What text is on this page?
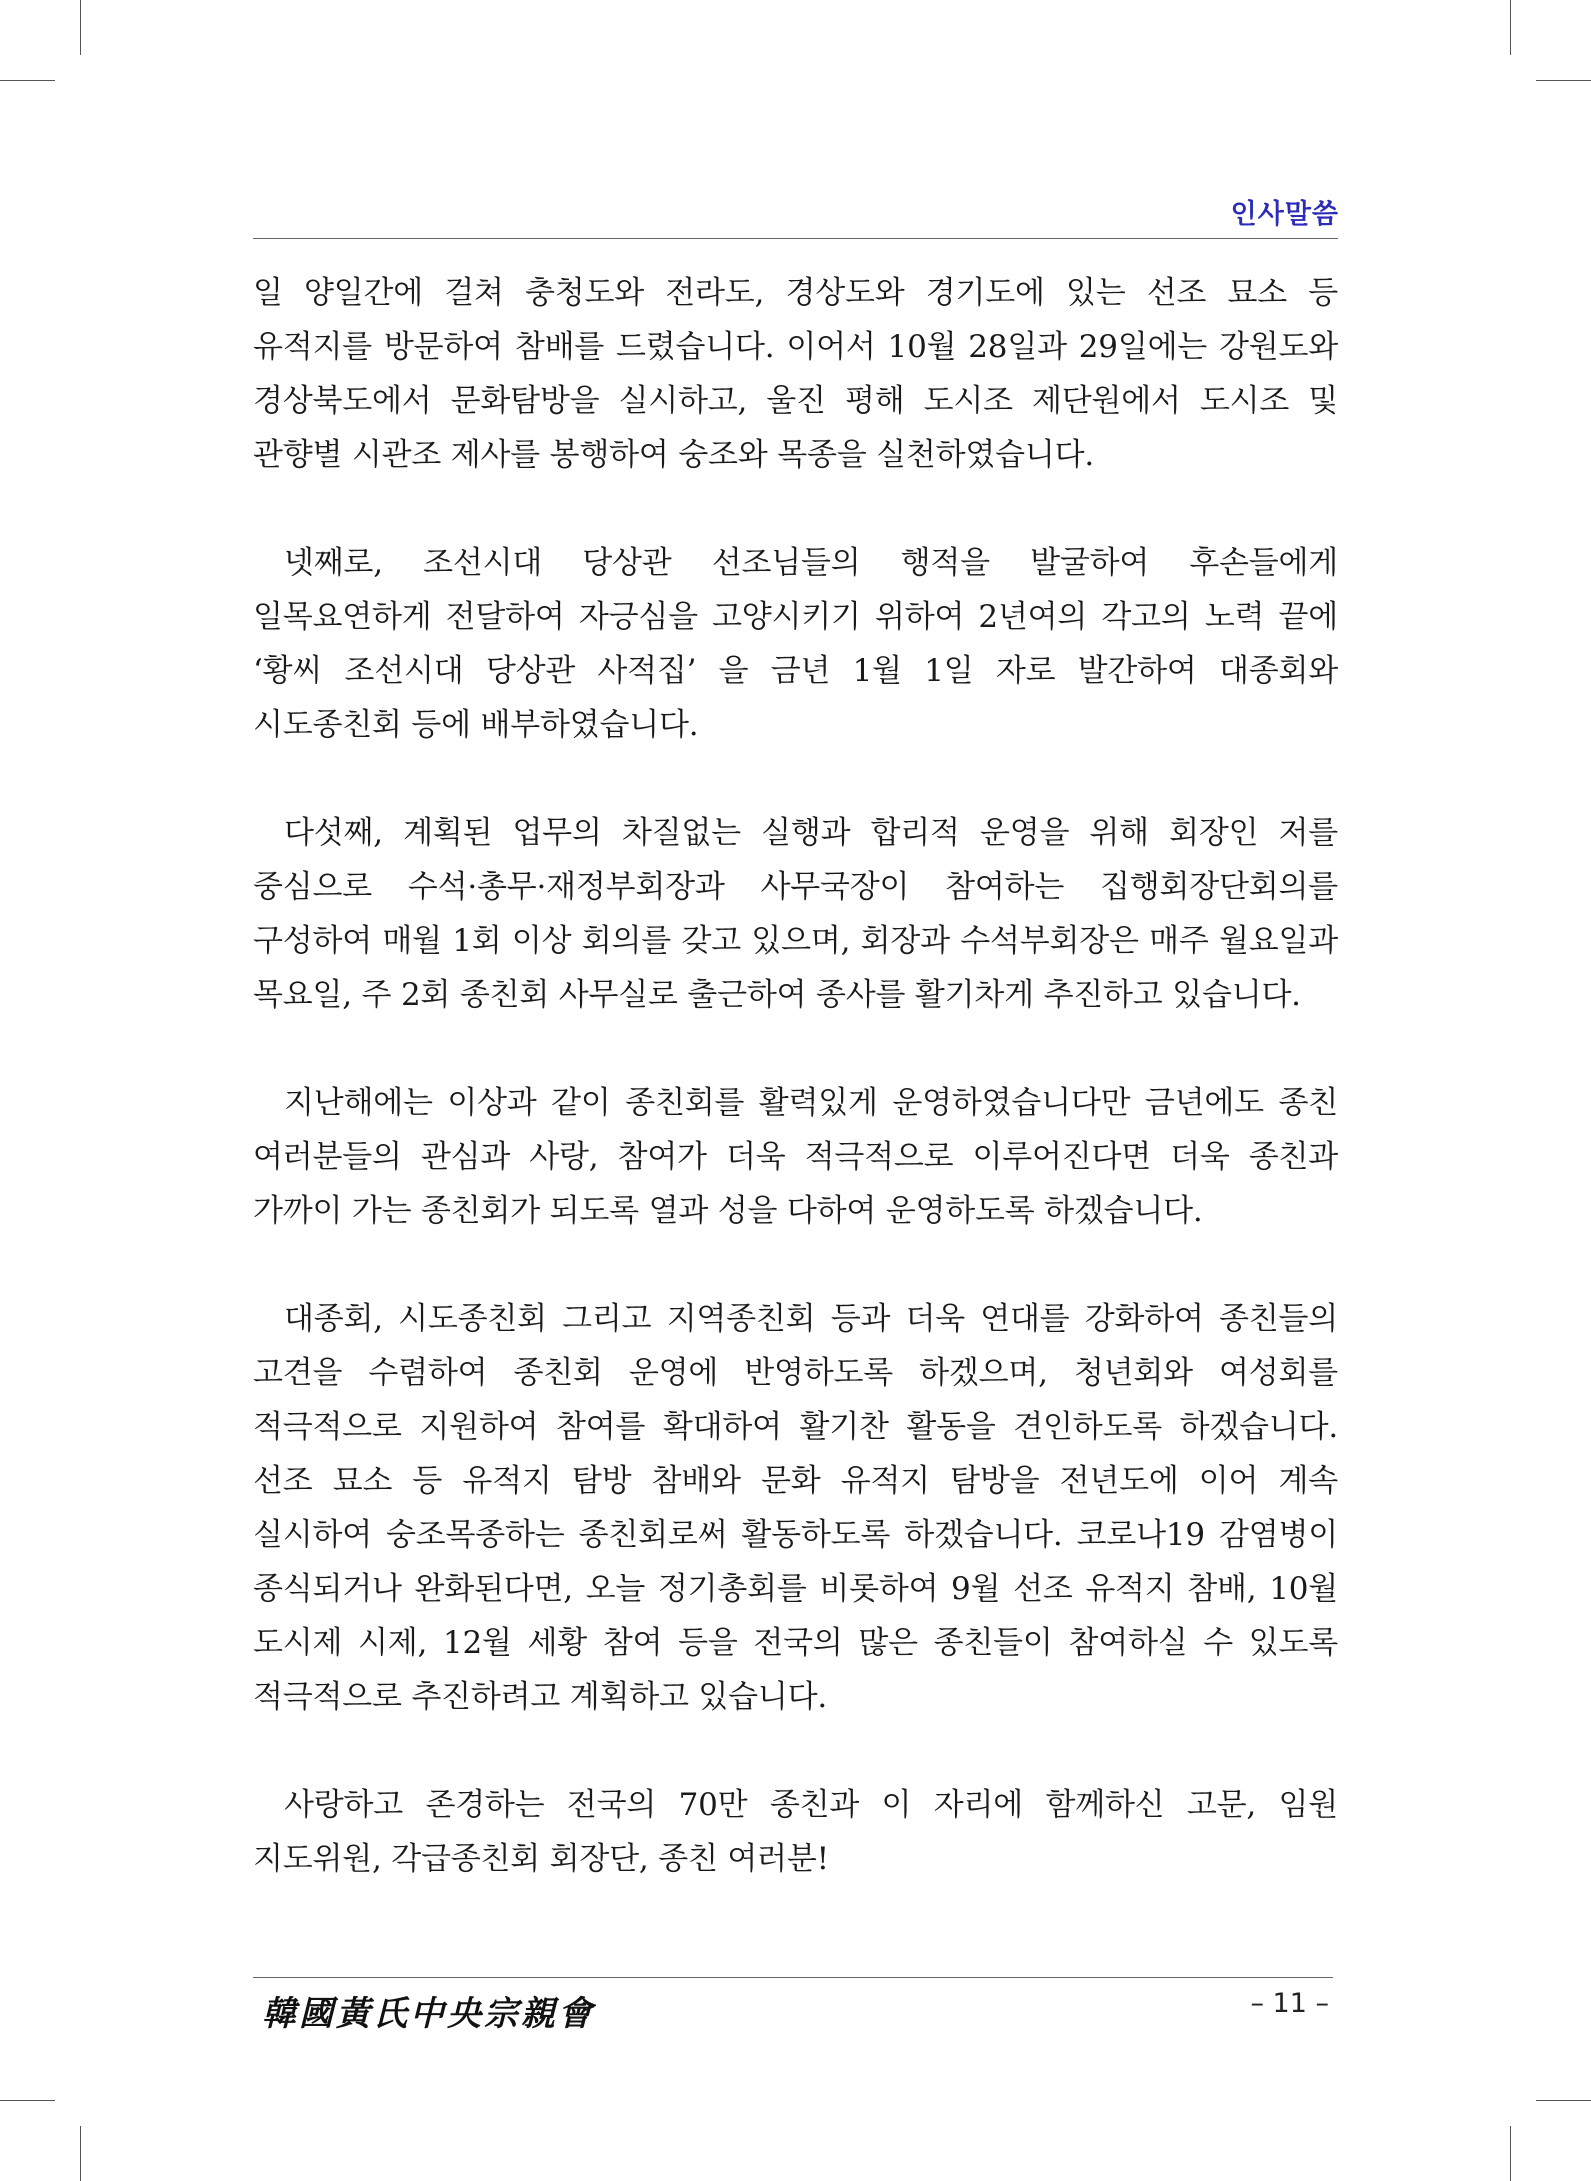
인사말씀

일 양일간에 걸쳐 충청도와 전라도, 경상도와 경기도에 있는 선조 묘소 등 유적지를 방문하여 참배를 드렸습니다. 이어서 10월 28일과 29일에는 강원도와 경상북도에서 문화탐방을 실시하고, 울진 평해 도시조 제단원에서 도시조 및 관향별 시관조 제사를 봉행하여 숭조와 목종을 실천하였습니다.

넷째로, 조선시대 당상관 선조님들의 행적을 발굴하여 후손들에게 일목요연하게 전달하여 자긍심을 고양시키기 위하여 2년여의 각고의 노력 끝에 ‘황씨 조선시대 당상관 사적집’ 을 금년 1월 1일 자로 발간하여 대종회와 시도종친회 등에 배부하였습니다.

다섯째, 계획된 업무의 차질없는 실행과 합리적 운영을 위해 회장인 저를 중심으로 수석·총무·재정부회장과 사무국장이 참여하는 집행회장단회의를 구성하여 매월 1회 이상 회의를 갖고 있으며, 회장과 수석부회장은 매주 월요일과 목요일, 주 2회 종친회 사무실로 출근하여 종사를 활기차게 추진하고 있습니다.

지난해에는 이상과 같이 종친회를 활력있게 운영하였습니다만 금년에도 종친 여러분들의 관심과 사랑, 참여가 더욱 적극적으로 이루어진다면 더욱 종친과 가까이 가는 종친회가 되도록 열과 성을 다하여 운영하도록 하겠습니다.

대종회, 시도종친회 그리고 지역종친회 등과 더욱 연대를 강화하여 종친들의 고견을 수렴하여 종친회 운영에 반영하도록 하겠으며, 청년회와 여성회를 적극적으로 지원하여 참여를 확대하여 활기찬 활동을 견인하도록 하겠습니다. 선조 묘소 등 유적지 탐방 참배와 문화 유적지 탐방을 전년도에 이어 계속 실시하여 숭조목종하는 종친회로써 활동하도록 하겠습니다. 코로나19 감염병이 종식되거나 완화된다면, 오늘 정기총회를 비롯하여 9월 선조 유적지 참배, 10월 도시제 시제, 12월 세황 참여 등을 전국의 많은 종친들이 참여하실 수 있도록 적극적으로 추진하려고 계획하고 있습니다.

사랑하고 존경하는 전국의 70만 종친과 이 자리에 함께하신 고문, 임원 지도위원, 각급종친회 회장단, 종친 여러분!

韓國黃氏中央宗親會	– 11 –
